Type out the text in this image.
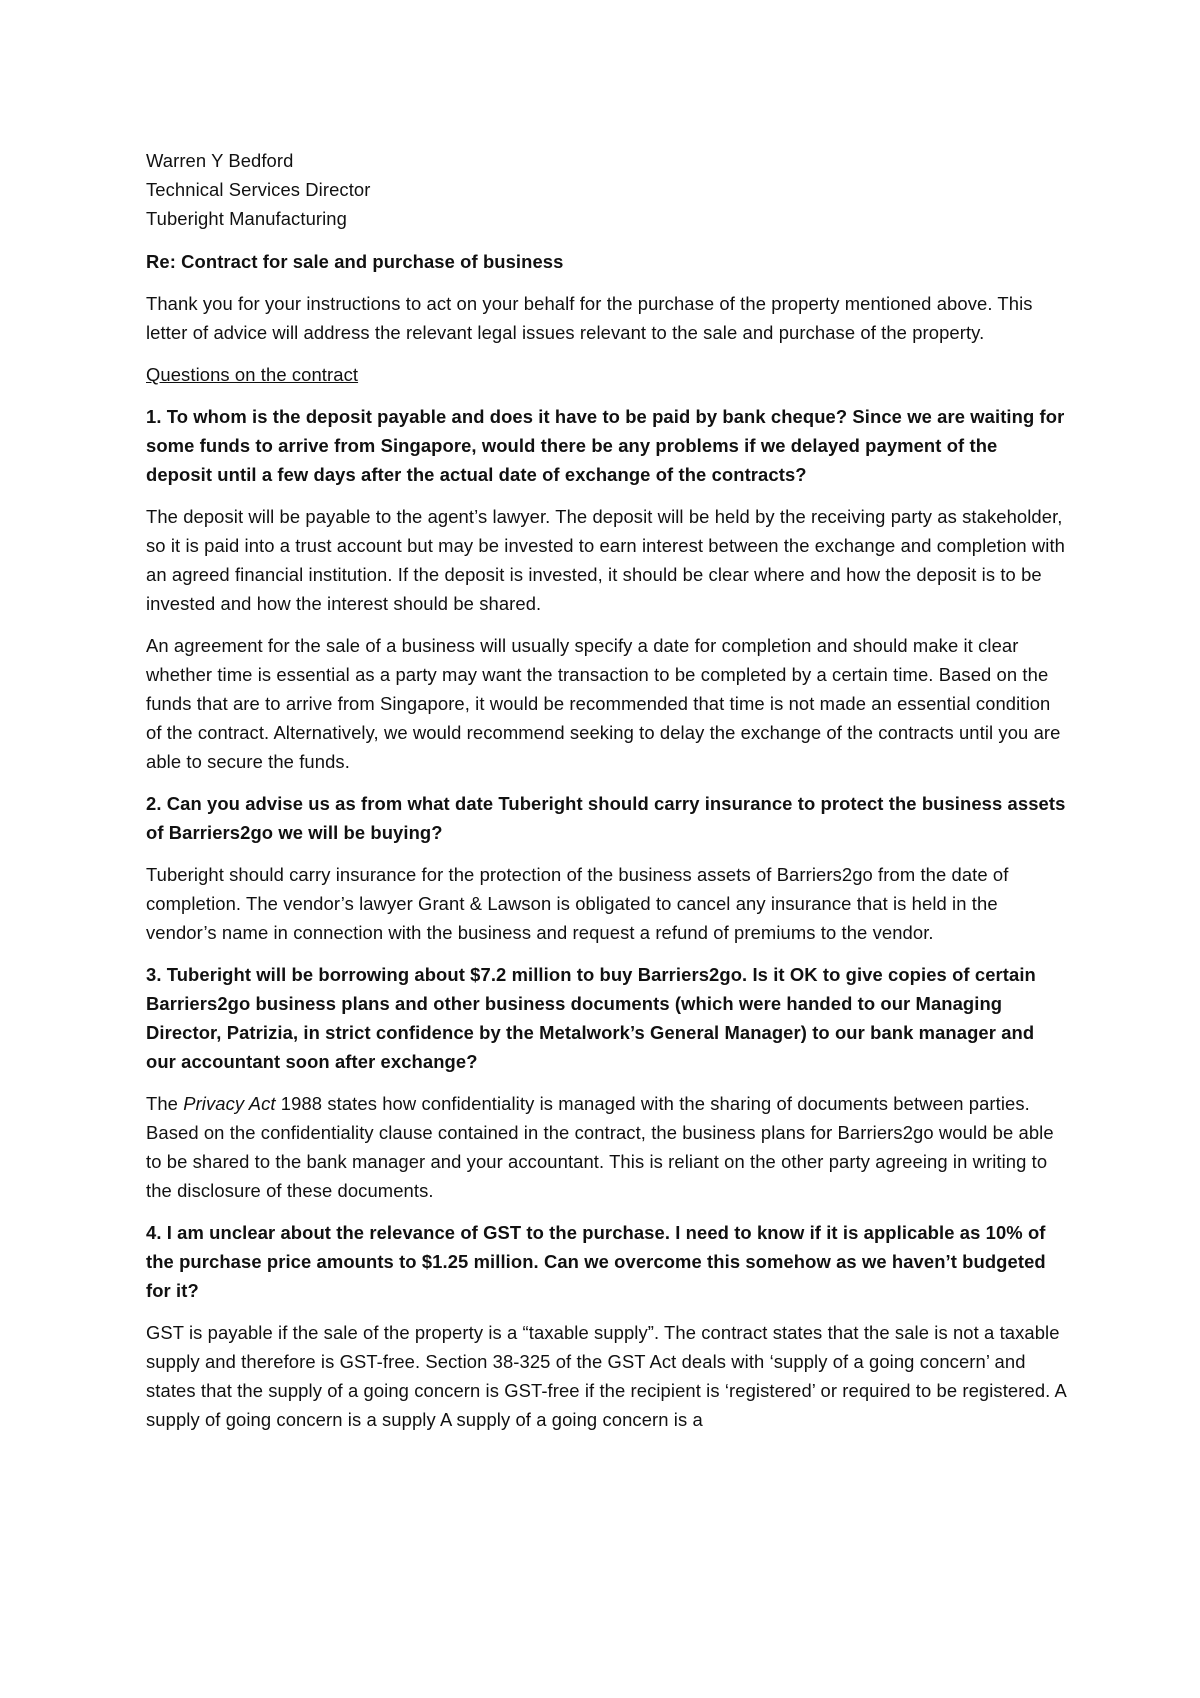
Warren Y Bedford

Technical Services Director

Tuberight Manufacturing

Re: Contract for sale and purchase of business

Thank you for your instructions to act on your behalf for the purchase of the property mentioned above. This letter of advice will address the relevant legal issues relevant to the sale and purchase of the property.

Questions on the contract

1. To whom is the deposit payable and does it have to be paid by bank cheque? Since we are waiting for some funds to arrive from Singapore, would there be any problems if we delayed payment of the deposit until a few days after the actual date of exchange of the contracts?

The deposit will be payable to the agent’s lawyer. The deposit will be held by the receiving party as stakeholder, so it is paid into a trust account but may be invested to earn interest between the exchange and completion with an agreed financial institution. If the deposit is invested, it should be clear where and how the deposit is to be invested and how the interest should be shared.

An agreement for the sale of a business will usually specify a date for completion and should make it clear whether time is essential as a party may want the transaction to be completed by a certain time. Based on the funds that are to arrive from Singapore, it would be recommended that time is not made an essential condition of the contract. Alternatively, we would recommend seeking to delay the exchange of the contracts until you are able to secure the funds.

2. Can you advise us as from what date Tuberight should carry insurance to protect the business assets of Barriers2go we will be buying?

Tuberight should carry insurance for the protection of the business assets of Barriers2go from the date of completion. The vendor’s lawyer Grant & Lawson is obligated to cancel any insurance that is held in the vendor’s name in connection with the business and request a refund of premiums to the vendor.

3. Tuberight will be borrowing about $7.2 million to buy Barriers2go. Is it OK to give copies of certain Barriers2go business plans and other business documents (which were handed to our Managing Director, Patrizia, in strict confidence by the Metalwork’s General Manager) to our bank manager and our accountant soon after exchange?

The Privacy Act 1988 states how confidentiality is managed with the sharing of documents between parties. Based on the confidentiality clause contained in the contract, the business plans for Barriers2go would be able to be shared to the bank manager and your accountant. This is reliant on the other party agreeing in writing to the disclosure of these documents.

4. I am unclear about the relevance of GST to the purchase. I need to know if it is applicable as 10% of the purchase price amounts to $1.25 million. Can we overcome this somehow as we haven’t budgeted for it?

GST is payable if the sale of the property is a “taxable supply”. The contract states that the sale is not a taxable supply and therefore is GST-free. Section 38-325 of the GST Act deals with ‘supply of a going concern’ and states that the supply of a going concern is GST-free if the recipient is ‘registered’ or required to be registered. A supply of going concern is a supply A supply of a going concern is a
